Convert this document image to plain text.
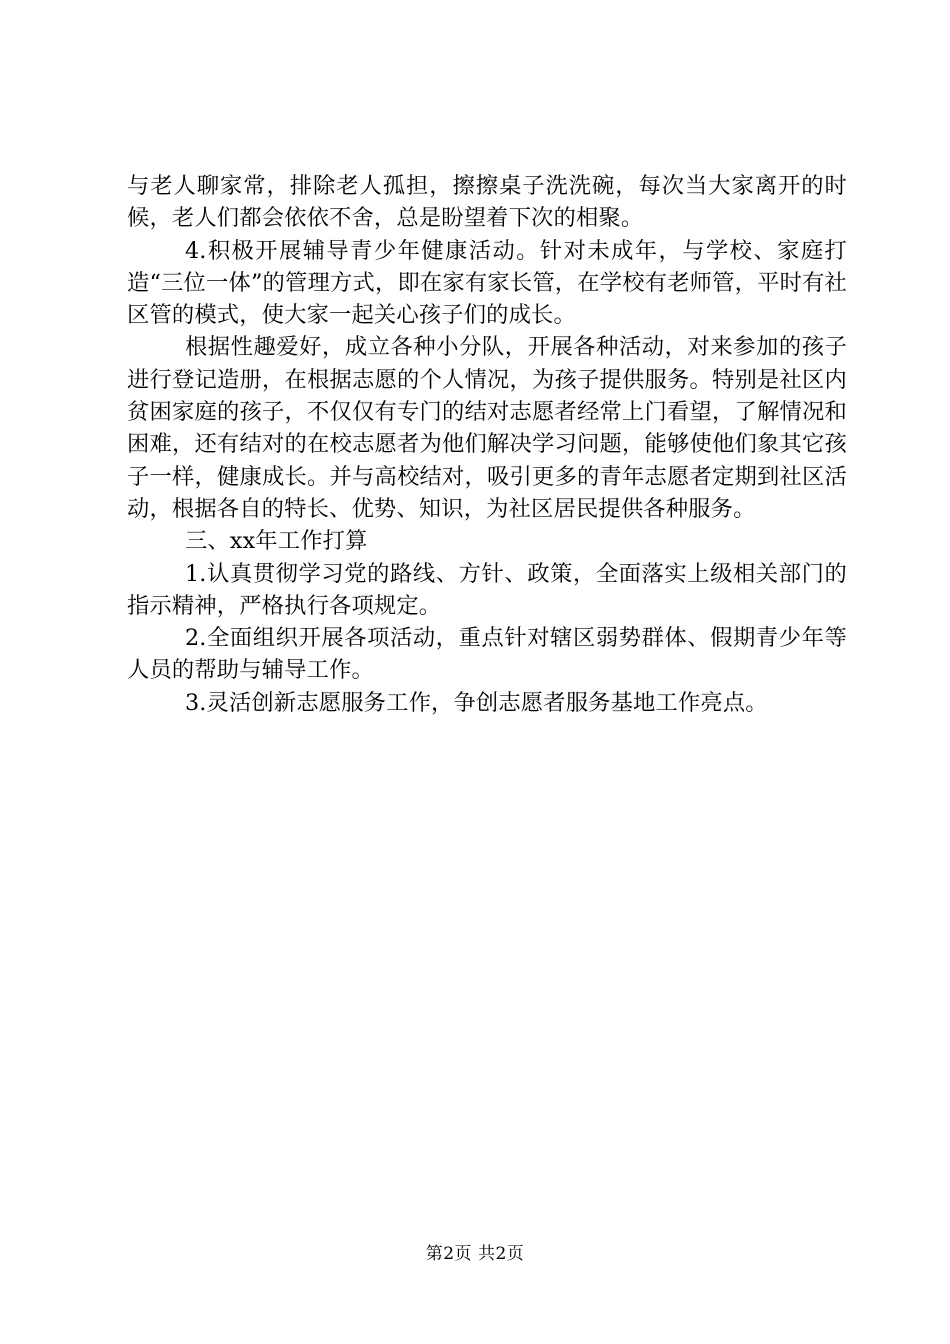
与老人聊家常，排除老人孤担，擦擦桌子洗洗碗，每次当大家离开的时候，老人们都会依依不舍，总是盼望着下次的相聚。

4.积极开展辅导青少年健康活动。针对未成年，与学校、家庭打造“三位一体”的管理方式，即在家有家长管，在学校有老师管，平时有社区管的模式，使大家一起关心孩子们的成长。

根据性趣爱好，成立各种小分队，开展各种活动，对来参加的孩子进行登记造册，在根据志愿的个人情况，为孩子提供服务。特别是社区内贫困家庭的孩子，不仅仅有专门的结对志愿者经常上门看望，了解情况和困难，还有结对的在校志愿者为他们解决学习问题，能够使他们象其它孩子一样，健康成长。并与高校结对，吸引更多的青年志愿者定期到社区活动，根据各自的特长、优势、知识，为社区居民提供各种服务。

三、xx年工作打算

1.认真贯彻学习党的路线、方针、政策，全面落实上级相关部门的指示精神，严格执行各项规定。

2.全面组织开展各项活动，重点针对辖区弱势群体、假期青少年等人员的帮助与辅导工作。

3.灵活创新志愿服务工作，争创志愿者服务基地工作亮点。

第2页 共2页
